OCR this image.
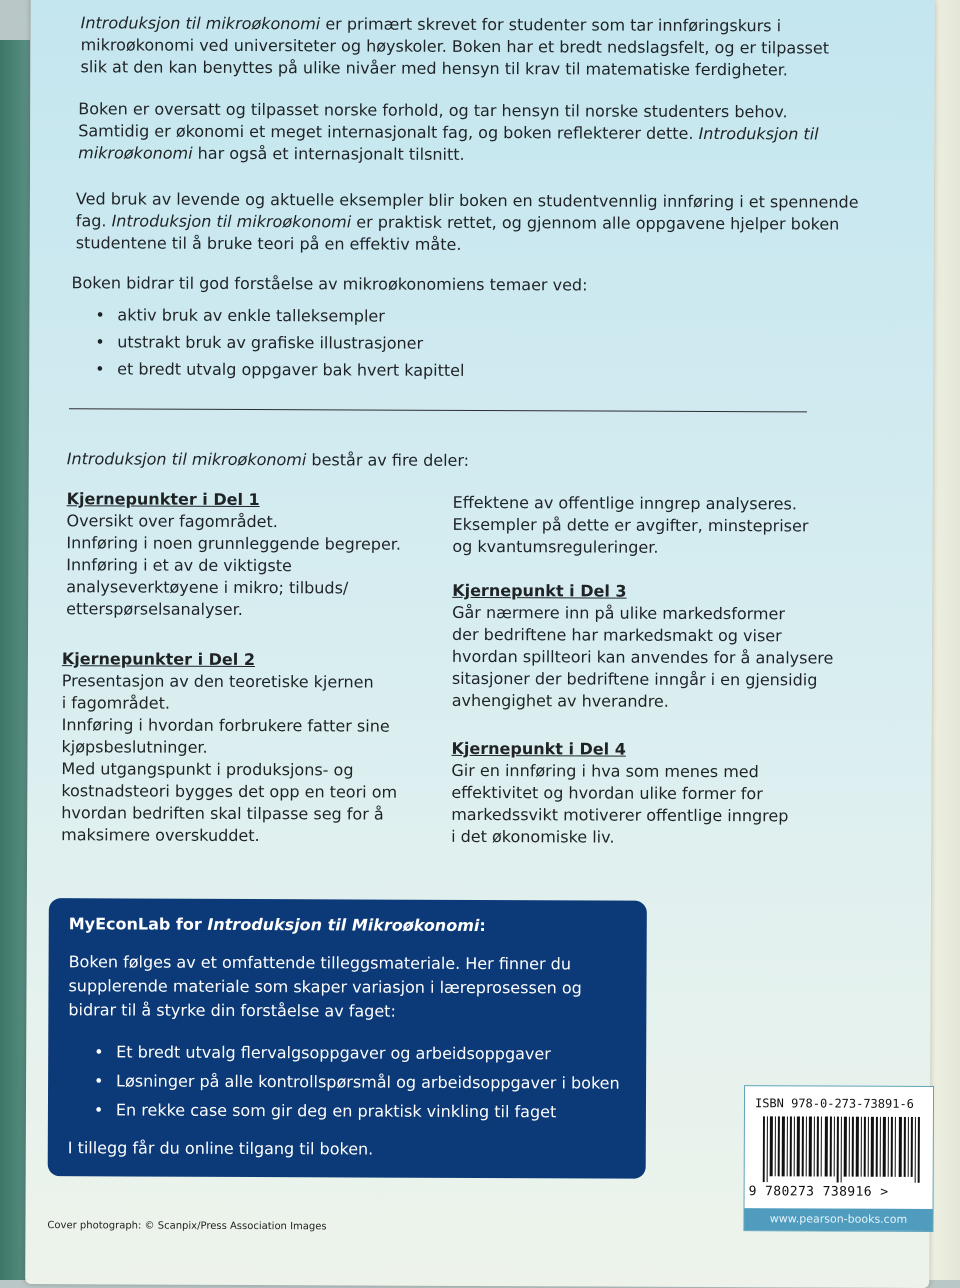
Introduksjon til mikroøkonomi er primært skrevet for studenter som tar innføringskurs i
mikroøkonomi ved universiteter og høyskoler. Boken har et bredt nedslagsfelt, og er tilpasset
slik at den kan benyttes på ulike nivåer med hensyn til krav til matematiske ferdigheter.
Boken er oversatt og tilpasset norske forhold, og tar hensyn til norske studenters behov.
Samtidig er økonomi et meget internasjonalt fag, og boken reflekterer dette. Introduksjon til
mikroøkonomi har også et internasjonalt tilsnitt.
Ved bruk av levende og aktuelle eksempler blir boken en studentvennlig innføring i et spennende
fag. Introduksjon til mikroøkonomi er praktisk rettet, og gjennom alle oppgavene hjelper boken
studentene til å bruke teori på en effektiv måte.
Boken bidrar til god forståelse av mikroøkonomiens temaer ved:
• aktiv bruk av enkle talleksempler
• utstrakt bruk av grafiske illustrasjoner
• et bredt utvalg oppgaver bak hvert kapittel
Introduksjon til mikroøkonomi består av fire deler:
Kjernepunkter i Del 1
Oversikt over fagområdet.
Innføring i noen grunnleggende begreper.
Innføring i et av de viktigste
analyseverktøyene i mikro; tilbuds/
etterspørselsanalyser.
Kjernepunkter i Del 2
Presentasjon av den teoretiske kjernen
i fagområdet.
Innføring i hvordan forbrukere fatter sine
kjøpsbeslutninger.
Med utgangspunkt i produksjons- og
kostnadsteori bygges det opp en teori om
hvordan bedriften skal tilpasse seg for å
maksimere overskuddet.
Effektene av offentlige inngrep analyseres.
Eksempler på dette er avgifter, minstepriser
og kvantumsreguleringer.
Kjernepunkt i Del 3
Går nærmere inn på ulike markedsformer
der bedriftene har markedsmakt og viser
hvordan spillteori kan anvendes for å analysere
sitasjoner der bedriftene inngår i en gjensidig
avhengighet av hverandre.
Kjernepunkt i Del 4
Gir en innføring i hva som menes med
effektivitet og hvordan ulike former for
markedssvikt motiverer offentlige inngrep
i det økonomiske liv.
MyEconLab for Introduksjon til Mikroøkonomi:
Boken følges av et omfattende tilleggsmateriale. Her finner du
supplerende materiale som skaper variasjon i læreprosessen og
bidrar til å styrke din forståelse av faget:
• Et bredt utvalg flervalgsoppgaver og arbeidsoppgaver
• Løsninger på alle kontrollspørsmål og arbeidsoppgaver i boken
• En rekke case som gir deg en praktisk vinkling til faget
I tillegg får du online tilgang til boken.
ISBN 978-0-273-73891-6
9 780273 738916 >
www.pearson-books.com
Cover photograph: © Scanpix/Press Association Images
